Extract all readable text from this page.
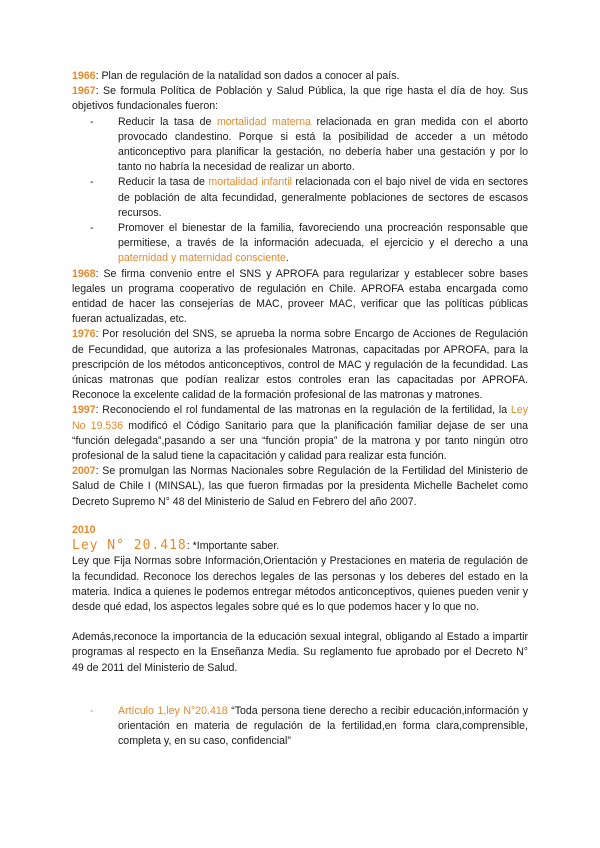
1966: Plan de regulación de la natalidad son dados a conocer al país.

1967: Se formula Política de Población y Salud Pública, la que rige hasta el día de hoy. Sus objetivos fundacionales fueron:

- Reducir la tasa de mortalidad materna relacionada en gran medida con el aborto provocado clandestino. Porque si está la posibilidad de acceder a un método anticonceptivo para planificar la gestación, no debería haber una gestación y por lo tanto no habría la necesidad de realizar un aborto.
- Reducir la tasa de mortalidad infantil relacionada con el bajo nivel de vida en sectores de población de alta fecundidad, generalmente poblaciones de sectores de escasos recursos.
- Promover el bienestar de la familia, favoreciendo una procreación responsable que permitiese, a través de la información adecuada, el ejercicio y el derecho a una paternidad y maternidad consciente.

1968: Se firma convenio entre el SNS y APROFA para regularizar y establecer sobre bases legales un programa cooperativo de regulación en Chile. APROFA estaba encargada como entidad de hacer las consejerías de MAC, proveer MAC, verificar que las políticas públicas fueran actualizadas, etc.

1976: Por resolución del SNS, se aprueba la norma sobre Encargo de Acciones de Regulación de Fecundidad, que autoriza a las profesionales Matronas, capacitadas por APROFA, para la prescripción de los métodos anticonceptivos, control de MAC y regulación de la fecundidad. Las únicas matronas que podían realizar estos controles eran las capacitadas por APROFA. Reconoce la excelente calidad de la formación profesional de las matronas y matrones.

1997: Reconociendo el rol fundamental de las matronas en la regulación de la fertilidad, la Ley No 19.536 modificó el Código Sanitario para que la planificación familiar dejase de ser una “función delegada”,pasando a ser una “función propia” de la matrona y por tanto ningún otro profesional de la salud tiene la capacitación y calidad para realizar esta función.

2007: Se promulgan las Normas Nacionales sobre Regulación de la Fertilidad del Ministerio de Salud de Chile I (MINSAL), las que fueron firmadas por la presidenta Michelle Bachelet como Decreto Supremo N° 48 del Ministerio de Salud en Febrero del año 2007.

2010

Ley N° 20.418 : *Importante saber.

Ley que Fija Normas sobre Información,Orientación y Prestaciones en materia de regulación de la fecundidad. Reconoce los derechos legales de las personas y los deberes del estado en la materia. Indica a quienes le podemos entregar métodos anticonceptivos, quienes pueden venir y desde qué edad, los aspectos legales sobre qué es lo que podemos hacer y lo que no.

Además,reconoce la importancia de la educación sexual integral, obligando al Estado a impartir programas al respecto en la Enseñanza Media. Su reglamento fue aprobado por el Decreto N° 49 de 2011 del Ministerio de Salud.

- Artículo 1,ley N°20.418 “Toda persona tiene derecho a recibir educación,información y orientación en materia de regulación de la fertilidad,en forma clara,comprensible, completa y, en su caso, confidencial”
